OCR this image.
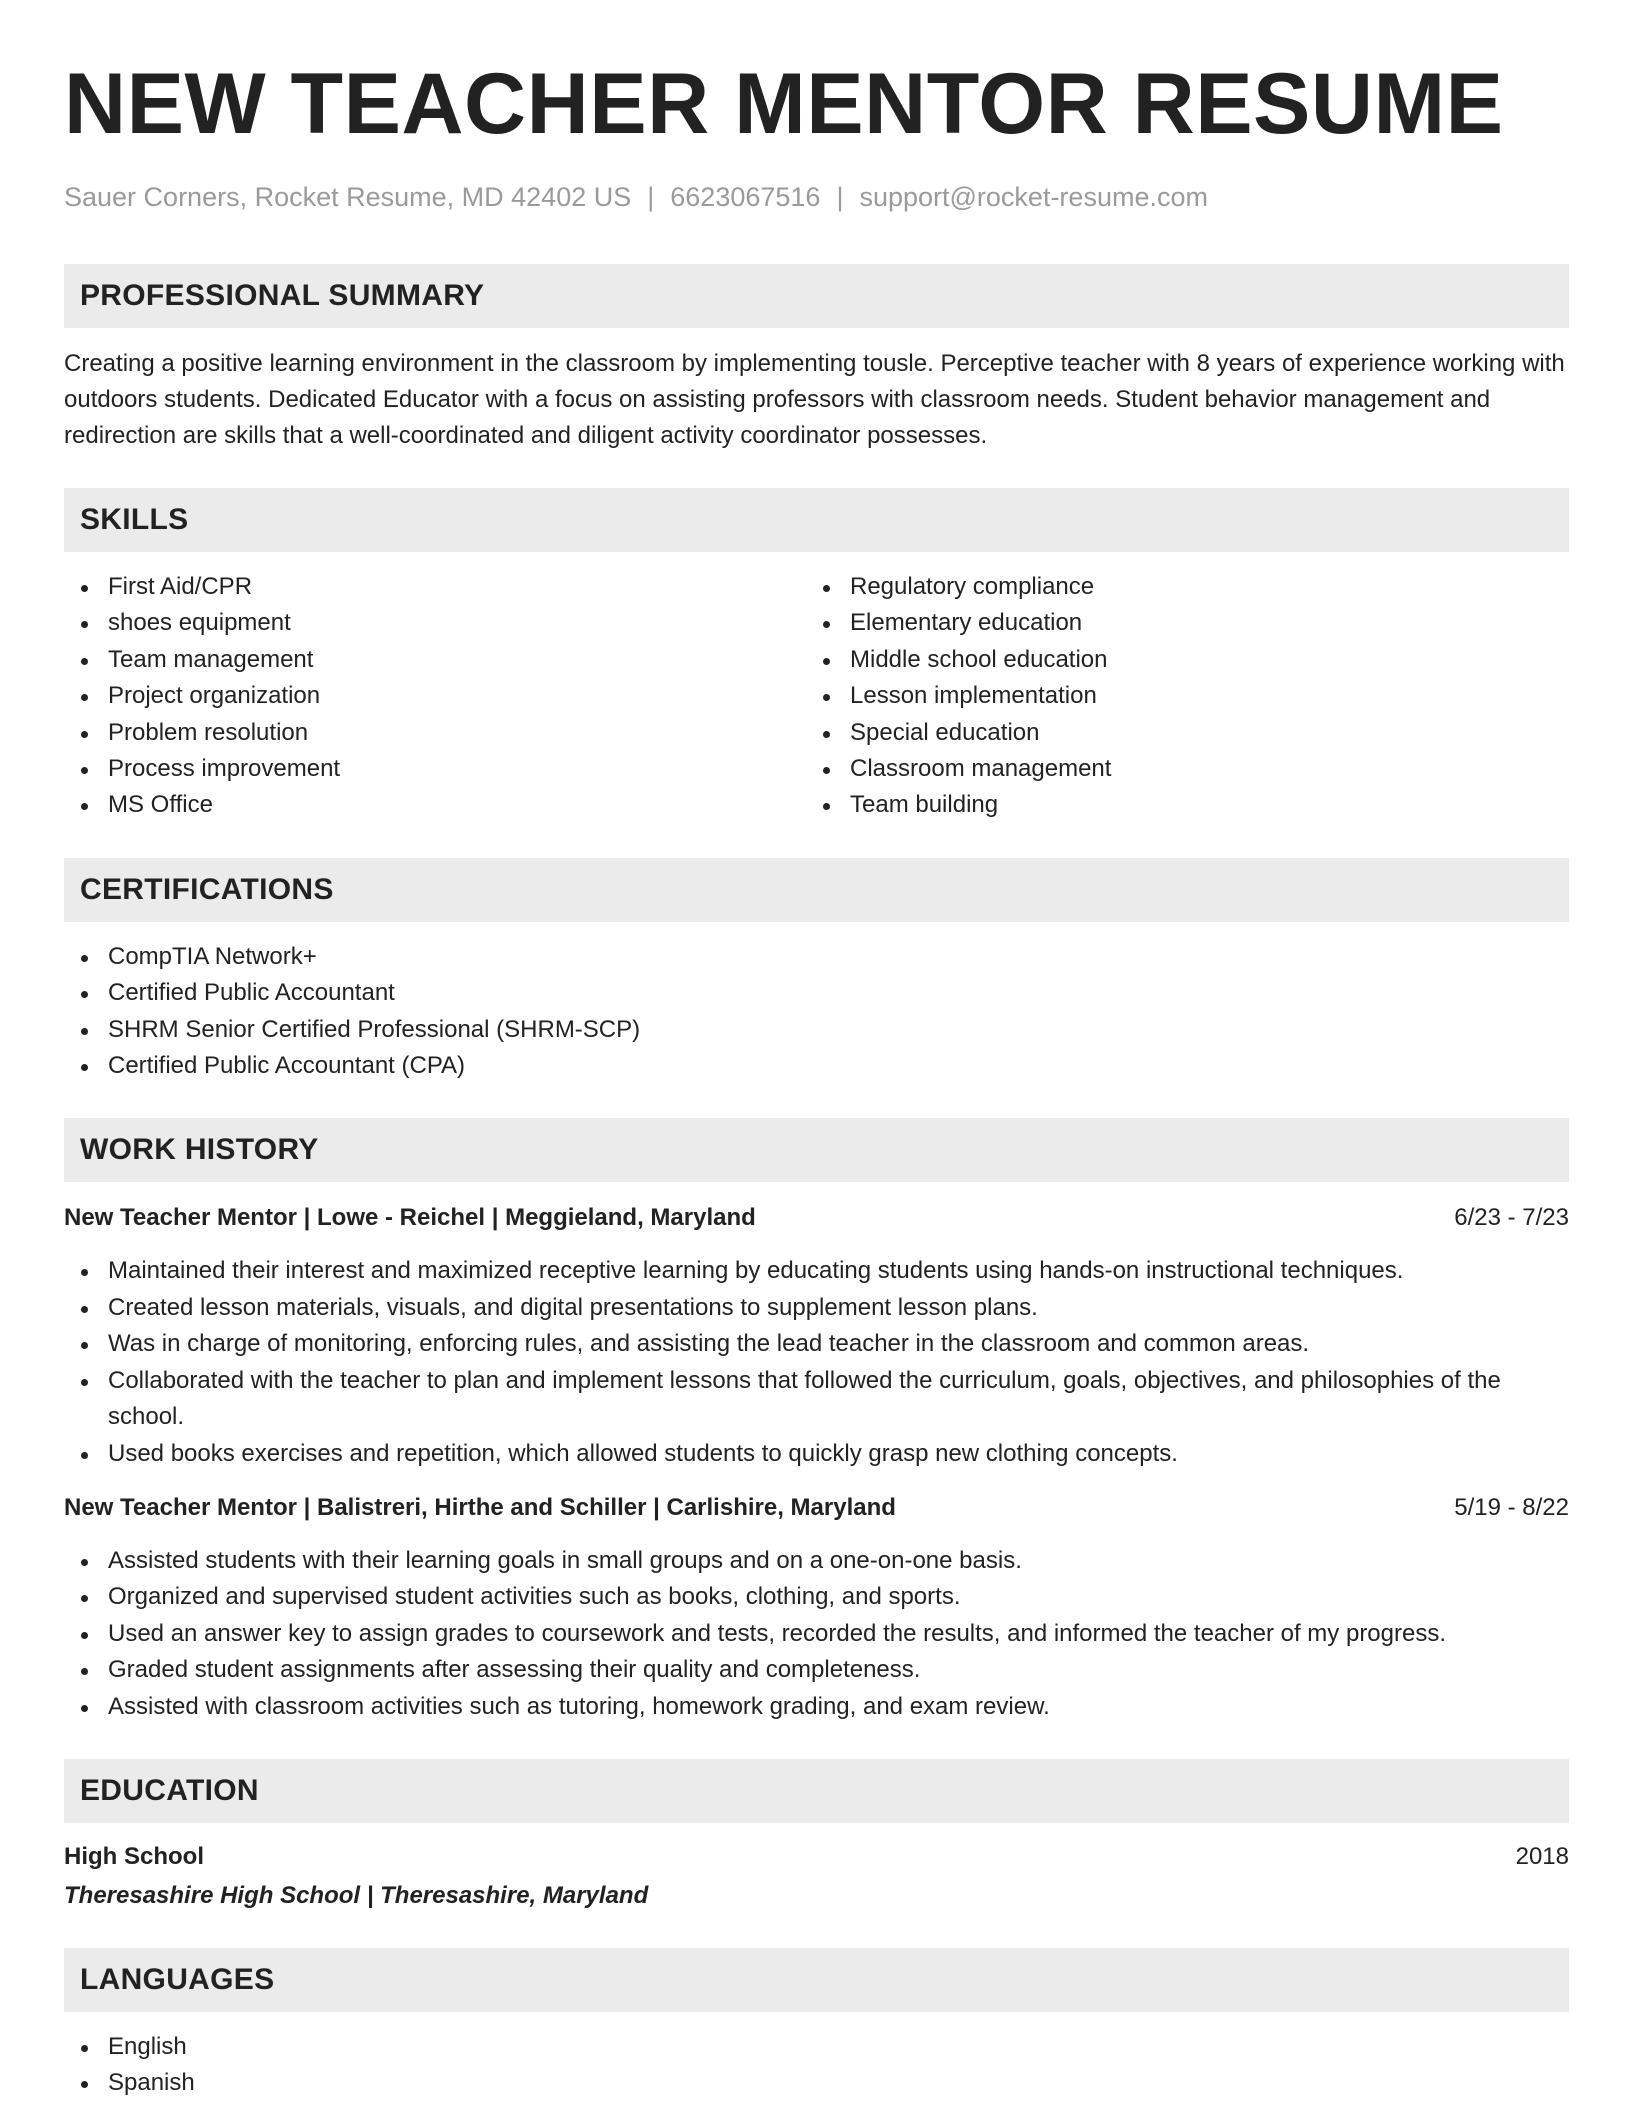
NEW TEACHER MENTOR RESUME
Sauer Corners, Rocket Resume, MD 42402 US | 6623067516 | support@rocket-resume.com
PROFESSIONAL SUMMARY
Creating a positive learning environment in the classroom by implementing tousle. Perceptive teacher with 8 years of experience working with outdoors students. Dedicated Educator with a focus on assisting professors with classroom needs. Student behavior management and redirection are skills that a well-coordinated and diligent activity coordinator possesses.
SKILLS
First Aid/CPR
shoes equipment
Team management
Project organization
Problem resolution
Process improvement
MS Office
Regulatory compliance
Elementary education
Middle school education
Lesson implementation
Special education
Classroom management
Team building
CERTIFICATIONS
CompTIA Network+
Certified Public Accountant
SHRM Senior Certified Professional (SHRM-SCP)
Certified Public Accountant (CPA)
WORK HISTORY
New Teacher Mentor | Lowe - Reichel | Meggieland, Maryland	6/23 - 7/23
Maintained their interest and maximized receptive learning by educating students using hands-on instructional techniques.
Created lesson materials, visuals, and digital presentations to supplement lesson plans.
Was in charge of monitoring, enforcing rules, and assisting the lead teacher in the classroom and common areas.
Collaborated with the teacher to plan and implement lessons that followed the curriculum, goals, objectives, and philosophies of the school.
Used books exercises and repetition, which allowed students to quickly grasp new clothing concepts.
New Teacher Mentor | Balistreri, Hirthe and Schiller | Carlishire, Maryland	5/19 - 8/22
Assisted students with their learning goals in small groups and on a one-on-one basis.
Organized and supervised student activities such as books, clothing, and sports.
Used an answer key to assign grades to coursework and tests, recorded the results, and informed the teacher of my progress.
Graded student assignments after assessing their quality and completeness.
Assisted with classroom activities such as tutoring, homework grading, and exam review.
EDUCATION
High School	2018
Theresashire High School | Theresashire, Maryland
LANGUAGES
English
Spanish
